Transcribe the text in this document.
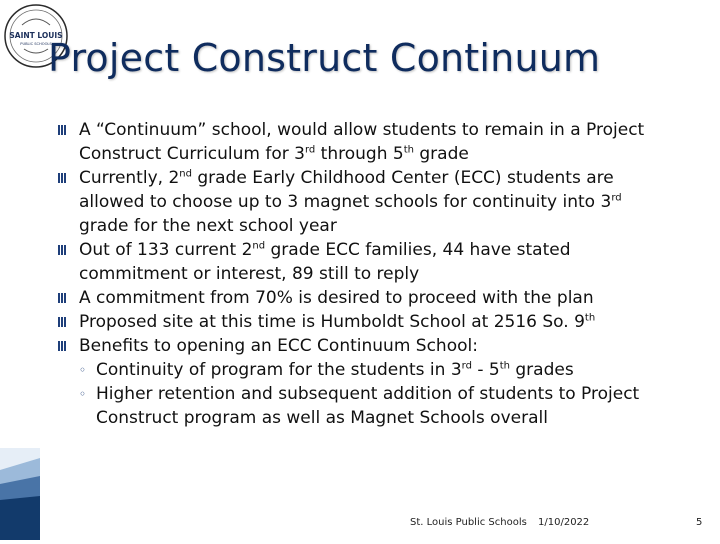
SAINT LOUIS
PUBLIC SCHOOLS
Project Construct Continuum
A “Continuum” school, would allow students to remain in a Project Construct Curriculum for 3rd through 5th grade
Currently, 2nd grade Early Childhood Center (ECC) students are allowed to choose up to 3 magnet schools for continuity into 3rd grade for the next school year
Out of 133 current 2nd grade ECC families, 44 have stated commitment or interest, 89 still to reply
A commitment from 70% is desired to proceed with the plan
Proposed site at this time is Humboldt School at 2516 So. 9th
Benefits to opening an ECC Continuum School:
◦ Continuity of program for the students in 3rd - 5th grades
◦ Higher retention and subsequent addition of students to Project Construct program as well as Magnet Schools overall
St. Louis Public Schools 1/10/2022	5
